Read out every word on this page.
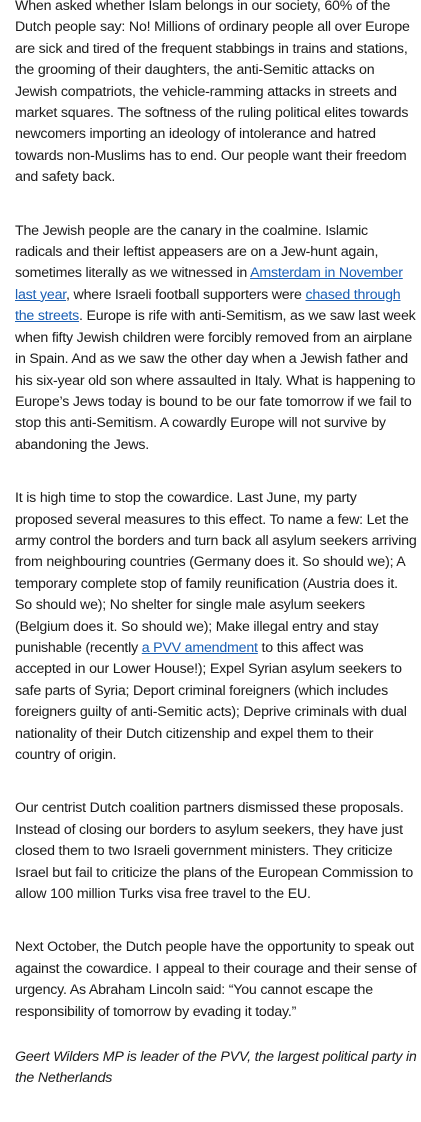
When asked whether Islam belongs in our society, 60% of the Dutch people say: No! Millions of ordinary people all over Europe are sick and tired of the frequent stabbings in trains and stations, the grooming of their daughters, the anti-Semitic attacks on Jewish compatriots, the vehicle-ramming attacks in streets and market squares. The softness of the ruling political elites towards newcomers importing an ideology of intolerance and hatred towards non-Muslims has to end. Our people want their freedom and safety back.

The Jewish people are the canary in the coalmine. Islamic radicals and their leftist appeasers are on a Jew-hunt again, sometimes literally as we witnessed in Amsterdam in November last year, where Israeli football supporters were chased through the streets. Europe is rife with anti-Semitism, as we saw last week when fifty Jewish children were forcibly removed from an airplane in Spain. And as we saw the other day when a Jewish father and his six-year old son where assaulted in Italy. What is happening to Europe’s Jews today is bound to be our fate tomorrow if we fail to stop this anti-Semitism. A cowardly Europe will not survive by abandoning the Jews.

It is high time to stop the cowardice. Last June, my party proposed several measures to this effect. To name a few: Let the army control the borders and turn back all asylum seekers arriving from neighbouring countries (Germany does it. So should we); A temporary complete stop of family reunification (Austria does it. So should we); No shelter for single male asylum seekers (Belgium does it. So should we); Make illegal entry and stay punishable (recently a PVV amendment to this affect was accepted in our Lower House!); Expel Syrian asylum seekers to safe parts of Syria; Deport criminal foreigners (which includes foreigners guilty of anti-Semitic acts); Deprive criminals with dual nationality of their Dutch citizenship and expel them to their country of origin.

Our centrist Dutch coalition partners dismissed these proposals. Instead of closing our borders to asylum seekers, they have just closed them to two Israeli government ministers. They criticize Israel but fail to criticize the plans of the European Commission to allow 100 million Turks visa free travel to the EU.

Next October, the Dutch people have the opportunity to speak out against the cowardice. I appeal to their courage and their sense of urgency. As Abraham Lincoln said: “You cannot escape the responsibility of tomorrow by evading it today.”

Geert Wilders MP is leader of the PVV, the largest political party in the Netherlands
